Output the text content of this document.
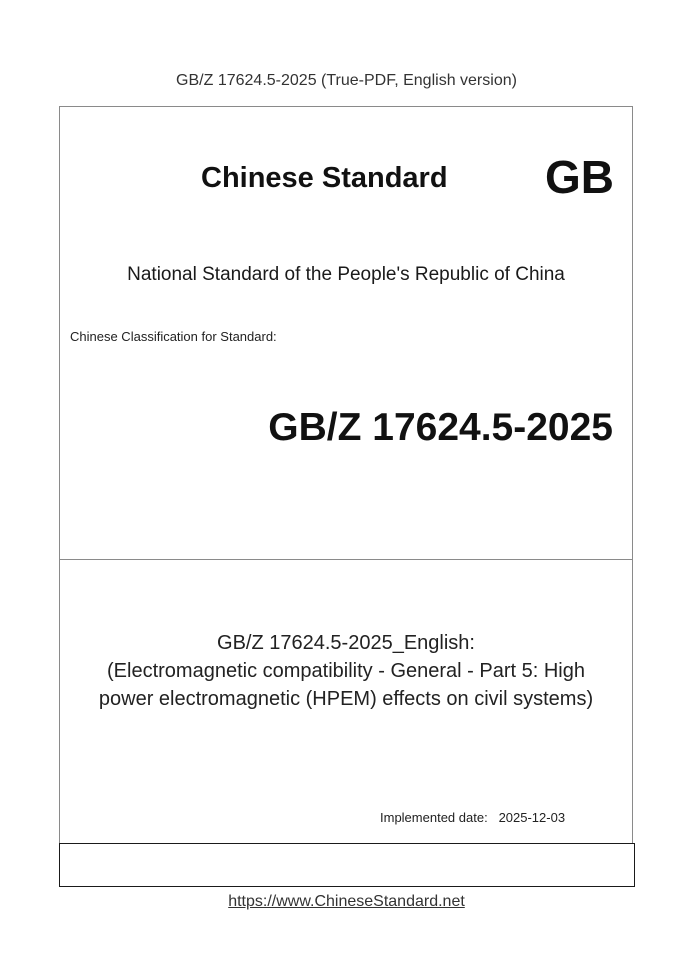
GB/Z 17624.5-2025 (True-PDF, English version)
Chinese Standard GB
National Standard of the People's Republic of China
Chinese Classification for Standard:
GB/Z 17624.5-2025
GB/Z 17624.5-2025_English:
(Electromagnetic compatibility - General - Part 5: High
power electromagnetic (HPEM) effects on civil systems)
Implemented date: 2025-12-03
https://www.ChineseStandard.net
